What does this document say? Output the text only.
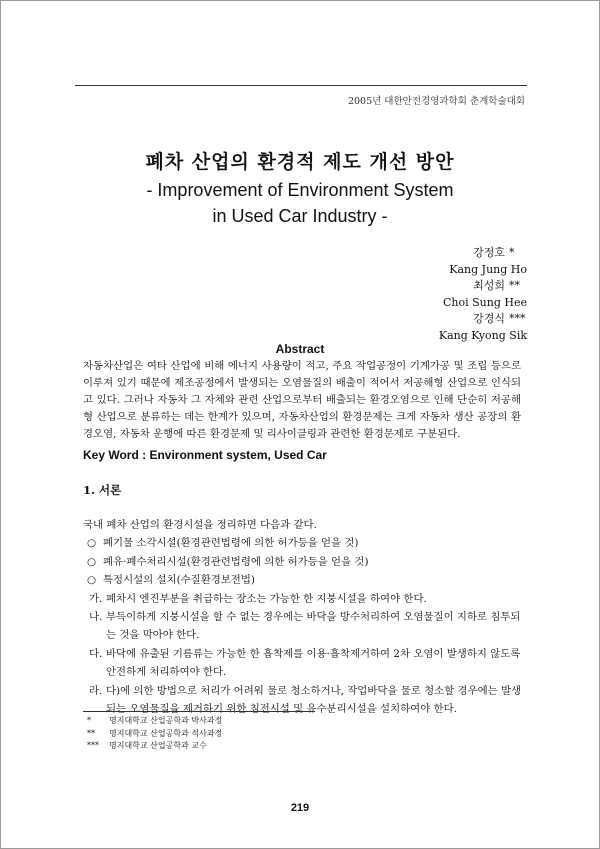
2005년 대한안전경영과학회 춘계학술대회
폐차 산업의 환경적 제도 개선 방안
- Improvement of Environment System
in Used Car Industry -
강정호 *
Kang Jung Ho
최성희 **
Choi Sung Hee
강경식 ***
Kang Kyong Sik
Abstract
자동차산업은 여타 산업에 비해 에너지 사용량이 적고, 주요 작업공정이 기계가공 및 조립 등으로 이루져 있기 때문에 제조공정에서 발생되는 오염물질의 배출이 적어서 저공해형 산업으로 인식되고 있다. 그러나 자동차 그 자체와 관련 산업으로부터 배출되는 환경오염으로 인해 단순히 저공해형 산업으로 분류하는 데는 한계가 있으며, 자동차산업의 환경문제는 크게 자동차 생산 공장의 환경오염, 자동차 운행에 따른 환경문제 및 리사이클링과 관련한 환경문제로 구분된다.
Key Word : Environment system, Used Car
1. 서론
국내 폐차 산업의 환경시설을 정리하면 다음과 같다.
○ 폐기물 소각시설(환경관련법령에 의한 허가등을 얻을 것)
○ 폐유·폐수처리시설(환경관련법령에 의한 허가등을 얻을 것)
○ 특정시설의 설치(수질환경보전법)
가. 폐차시 엔진부분을 취급하는 장소는 가능한 한 지붕시설을 하여야 한다.
나. 부득이하게 지붕시설을 할 수 없는 경우에는 바닥을 방수처리하여 오염물질이 지하로 침투되는 것을 막아야 한다.
다. 바닥에 유출된 기름류는 가능한 한 흡착제를 이용·흡착제거하여 2차 오염이 발생하지 않도록 안전하게 처리하여야 한다.
라. 다)에 의한 방법으로 처리가 어려워 물로 청소하거나, 작업바닥을 물로 청소할 경우에는 발생되는 오염물질을 제거하기 위한 침전시설 및 유수분리시설을 설치하여야 한다.
* 명지대학교 산업공학과 박사과정
** 명지대학교 산업공학과 석사과정
*** 명지대학교 산업공학과 교수
219
